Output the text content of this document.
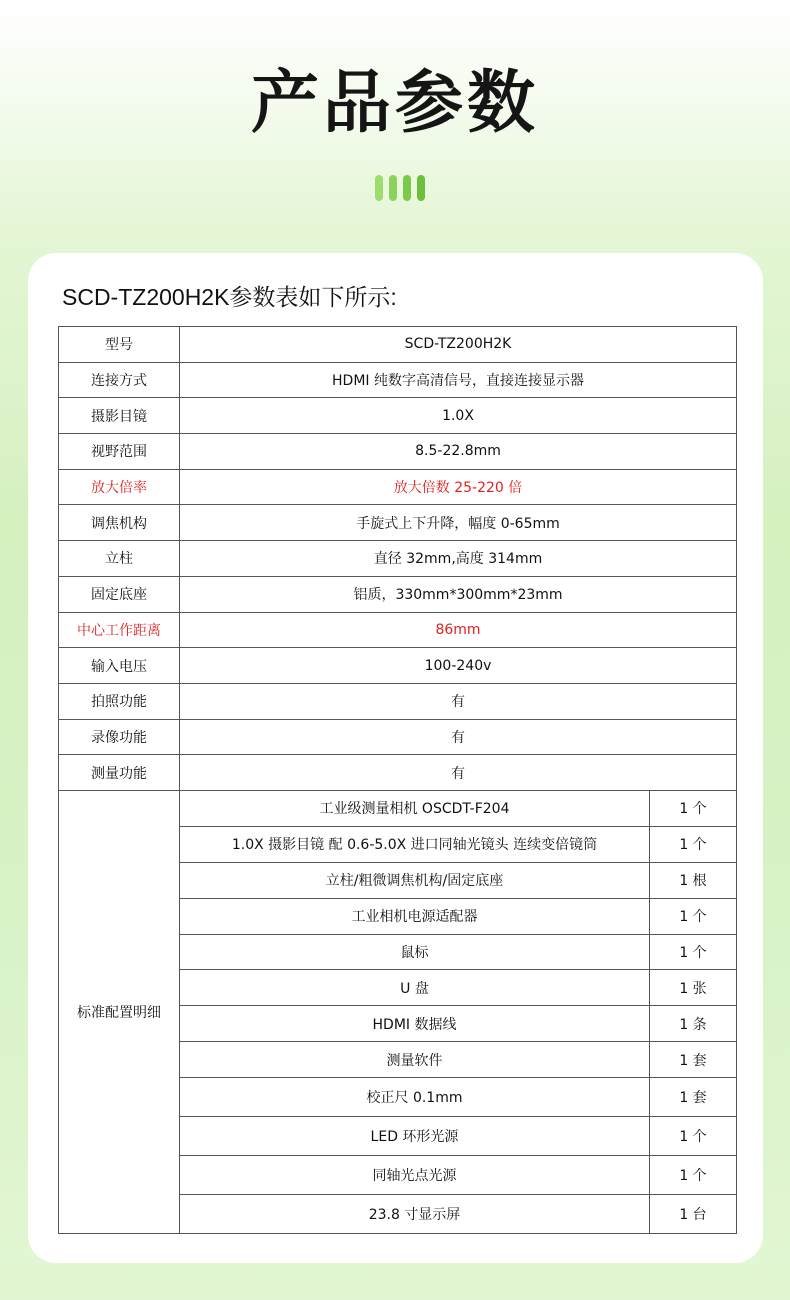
产品参数
SCD-TZ200H2K参数表如下所示:
型号	SCD-TZ200H2K	
连接方式	HDMI 纯数字高清信号，直接连接显示器	
摄影目镜	1.0X	
视野范围	8.5-22.8mm	
放大倍率	放大倍数 25-220 倍	
调焦机构	手旋式上下升降，幅度 0-65mm	
立柱	直径 32mm,高度 314mm	
固定底座	铝质，330mm*300mm*23mm	
中心工作距离	86mm	
输入电压	100-240v	
拍照功能	有	
录像功能	有	
测量功能	有	
标准配置明细	工业级测量相机 OSCDT-F204	1 个
	1.0X 摄影目镜 配 0.6-5.0X 进口同轴光镜头 连续变倍镜筒	1 个
	立柱/粗微调焦机构/固定底座	1 根
	工业相机电源适配器	1 个
	鼠标	1 个
	U 盘	1 张
	HDMI 数据线	1 条
	测量软件	1 套
	校正尺 0.1mm	1 套
	LED 环形光源	1 个
	同轴光点光源	1 个
	23.8 寸显示屏	1 台
